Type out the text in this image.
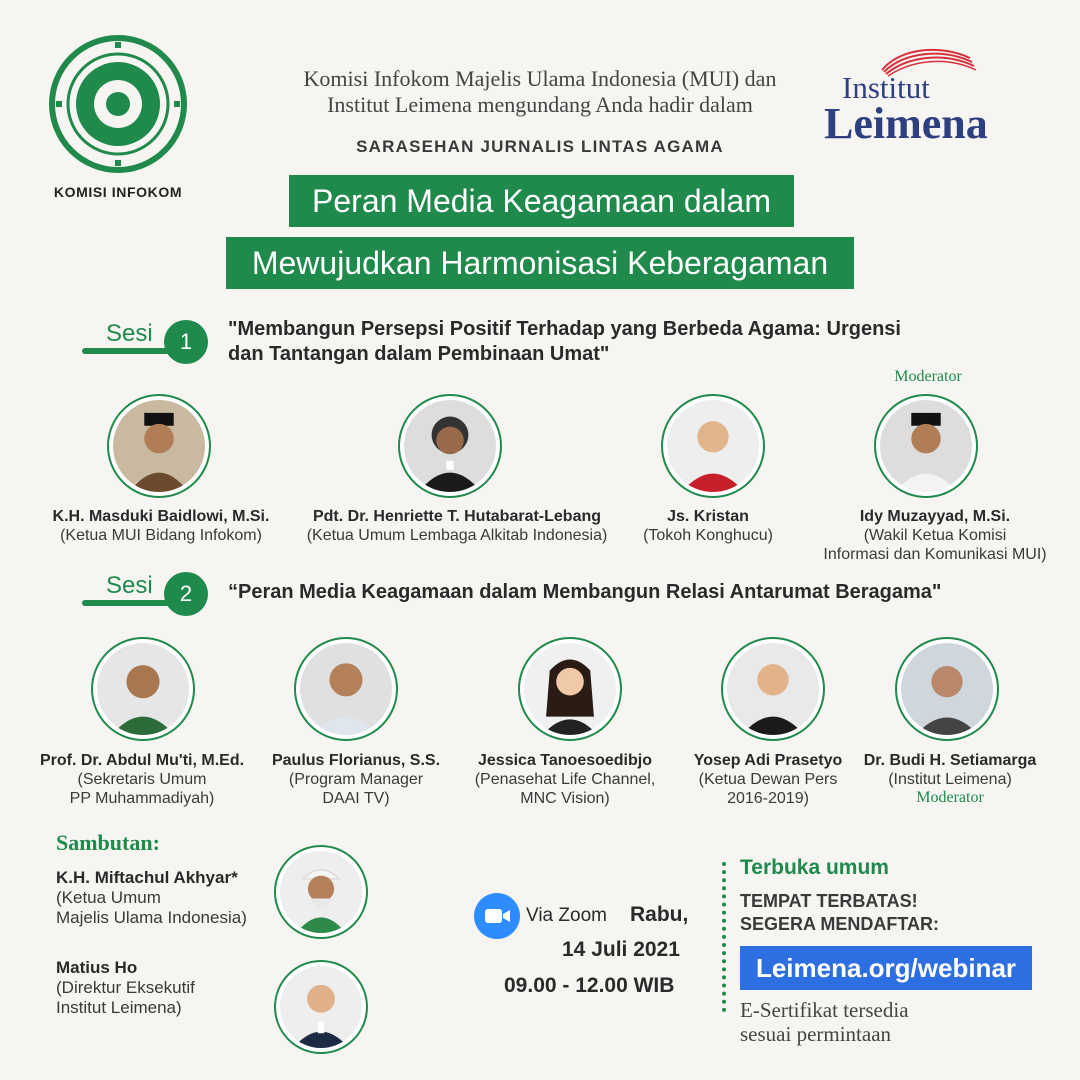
KOMISI INFOKOM
Institut
Leimena
Komisi Infokom Majelis Ulama Indonesia (MUI) dan
Institut Leimena mengundang Anda hadir dalam
SARASEHAN JURNALIS LINTAS AGAMA
Peran Media Keagamaan dalam
Mewujudkan Harmonisasi Keberagaman
Sesi	1	"Membangun Persepsi Positif Terhadap yang Berbeda Agama: Urgensi
dan Tantangan dalam Pembinaan Umat"
Moderator
K.H. Masduki Baidlowi, M.Si.
(Ketua MUI Bidang Infokom)
Pdt. Dr. Henriette T. Hutabarat-Lebang
(Ketua Umum Lembaga Alkitab Indonesia)
Js. Kristan
(Tokoh Konghucu)
Idy Muzayyad, M.Si.
(Wakil Ketua Komisi
Informasi dan Komunikasi MUI)
Sesi	2	“Peran Media Keagamaan dalam Membangun Relasi Antarumat Beragama"
Prof. Dr. Abdul Mu'ti, M.Ed.
(Sekretaris Umum
PP Muhammadiyah)
Paulus Florianus, S.S.
(Program Manager
DAAI TV)
Jessica Tanoesoedibjo
(Penasehat Life Channel,
MNC Vision)
Yosep Adi Prasetyo
(Ketua Dewan Pers
2016-2019)
Dr. Budi H. Setiamarga
(Institut Leimena)
Moderator
Sambutan:
K.H. Miftachul Akhyar*
(Ketua Umum
Majelis Ulama Indonesia)
Matius Ho
(Direktur Eksekutif
Institut Leimena)
Via Zoom Rabu,
14 Juli 2021
09.00 - 12.00 WIB
Terbuka umum
TEMPAT TERBATAS!
SEGERA MENDAFTAR:
Leimena.org/webinar
E-Sertifikat tersedia
sesuai permintaan
